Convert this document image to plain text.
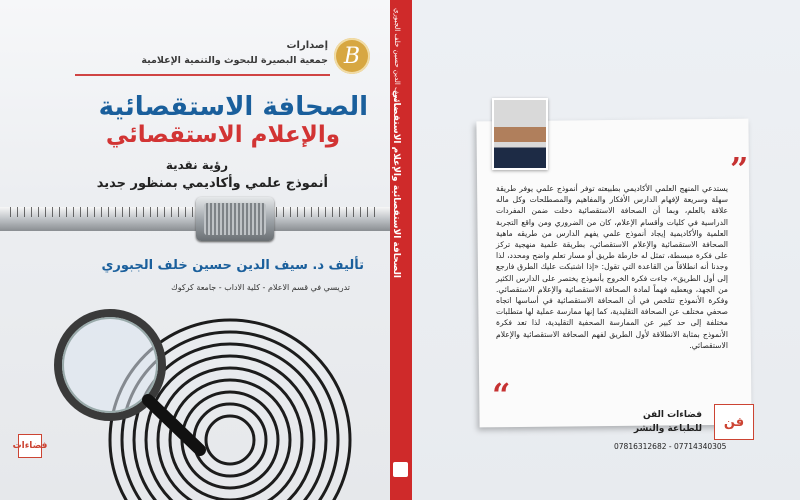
B
إصدارات
جمعية البصيرة للبحوث والتنمية الإعلامية
الصحافة الاستقصائية
والإعلام الاستقصائي
رؤية نقدية
أنموذج علمي وأكاديمي بمنظور جديد
تأليف د. سيف الدين حسين خلف الجبوري
تدريسي في قسم الاعلام - كلية الاداب - جامعة كركوك
فضاءات
د. سيف الدين حسين خلف الجبوري
الصحافة الاستقصائية والإعلام الاستقصائي	”
يستدعي المنهج العلمي الأكاديمي بطبيعته توفر أنموذج علمي يوفر طريقة سهلة وسريعة لإفهام الدارس الأفكار والمفاهيم والمصطلحات وكل ماله علاقة بالعلم، وبما أن الصحافة الاستقصائية دخلت ضمن المفردات الدراسية في كليات وأقسام الإعلام، كان من الضروري ومن واقع التجربة العلمية والأكاديمية إيجاد أنموذج علمي يفهم الدارس من طريقه ماهية الصحافة الاستقصائية والإعلام الاستقصائي، بطريقة علمية منهجية تركز على فكرة مبسطة، تمثل له خارطة طريق أو مسار تعلم واضح ومحدد، لذا وجدنا أنه انطلاقاً من القاعدة التي تقول: «إذا اشتبكت عليك الطرق فارجع إلى أول الطريق»، جاءت فكرة الخروج بأنموذج يختصر على الدارس الكثير من الجهد، ويعطيه فهماً لمادة الصحافة الاستقصائية والإعلام الاستقصائي. وفكرة الأنموذج تتلخص في أن الصحافة الاستقصائية في أساسها اتجاه صحفي مختلف عن الصحافة التقليدية، كما إنها ممارسة عملية لها متطلبات مختلفة إلى حد كبير عن الممارسة الصحفية التقليدية، لذا تعد فكرة الأنموذج بمثابة الانطلاقة لأول الطريق لفهم الصحافة الاستقصائية والإعلام الاستقصائي.
“
فن
فضاءات الفن
للطباعة والنشر
07816312682 - 07714340305
